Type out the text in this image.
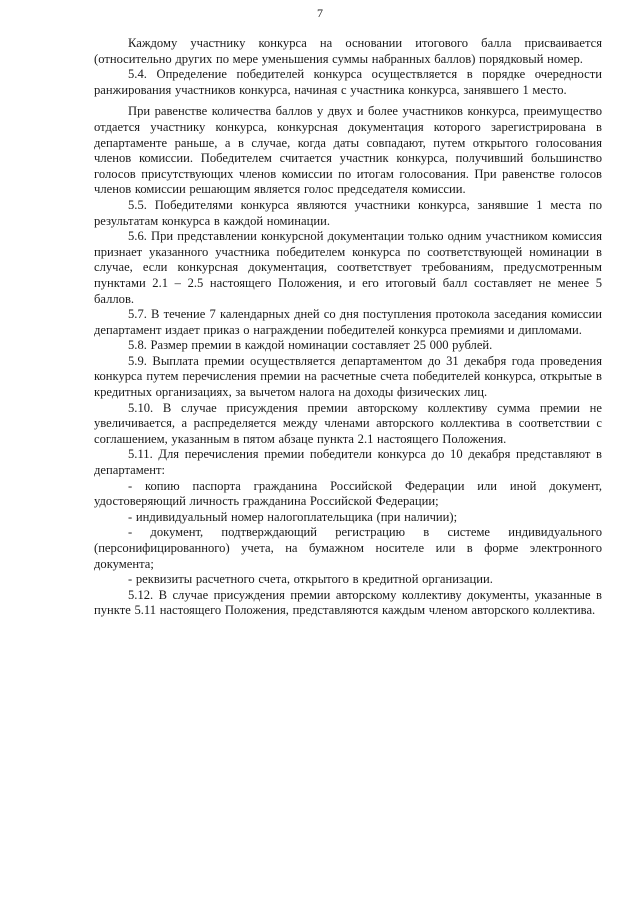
7

Каждому участнику конкурса на основании итогового балла присваивается (относительно других по мере уменьшения суммы набранных баллов) порядковый номер.

5.4. Определение победителей конкурса осуществляется в порядке очередности ранжирования участников конкурса, начиная с участника конкурса, занявшего 1 место.

При равенстве количества баллов у двух и более участников конкурса, преимущество отдается участнику конкурса, конкурсная документация которого зарегистрирована в департаменте раньше, а в случае, когда даты совпадают, путем открытого голосования членов комиссии. Победителем считается участник конкурса, получивший большинство голосов присутствующих членов комиссии по итогам голосования. При равенстве голосов членов комиссии решающим является голос председателя комиссии.

5.5. Победителями конкурса являются участники конкурса, занявшие 1 места по результатам конкурса в каждой номинации.

5.6. При представлении конкурсной документации только одним участником комиссия признает указанного участника победителем конкурса по соответствующей номинации в случае, если конкурсная документация, соответствует требованиям, предусмотренным пунктами 2.1 – 2.5 настоящего Положения, и его итоговый балл составляет не менее 5 баллов.

5.7. В течение 7 календарных дней со дня поступления протокола заседания комиссии департамент издает приказ о награждении победителей конкурса премиями и дипломами.

5.8. Размер премии в каждой номинации составляет 25 000 рублей.

5.9. Выплата премии осуществляется департаментом до 31 декабря года проведения конкурса путем перечисления премии на расчетные счета победителей конкурса, открытые в кредитных организациях, за вычетом налога на доходы физических лиц.

5.10. В случае присуждения премии авторскому коллективу сумма премии не увеличивается, а распределяется между членами авторского коллектива в соответствии с соглашением, указанным в пятом абзаце пункта 2.1 настоящего Положения.

5.11. Для перечисления премии победители конкурса до 10 декабря представляют в департамент:

- копию паспорта гражданина Российской Федерации или иной документ, удостоверяющий личность гражданина Российской Федерации;

- индивидуальный номер налогоплательщика (при наличии);

- документ, подтверждающий регистрацию в системе индивидуального (персонифицированного) учета, на бумажном носителе или в форме электронного документа;

- реквизиты расчетного счета, открытого в кредитной организации.

5.12. В случае присуждения премии авторскому коллективу документы, указанные в пункте 5.11 настоящего Положения, представляются каждым членом авторского коллектива.
